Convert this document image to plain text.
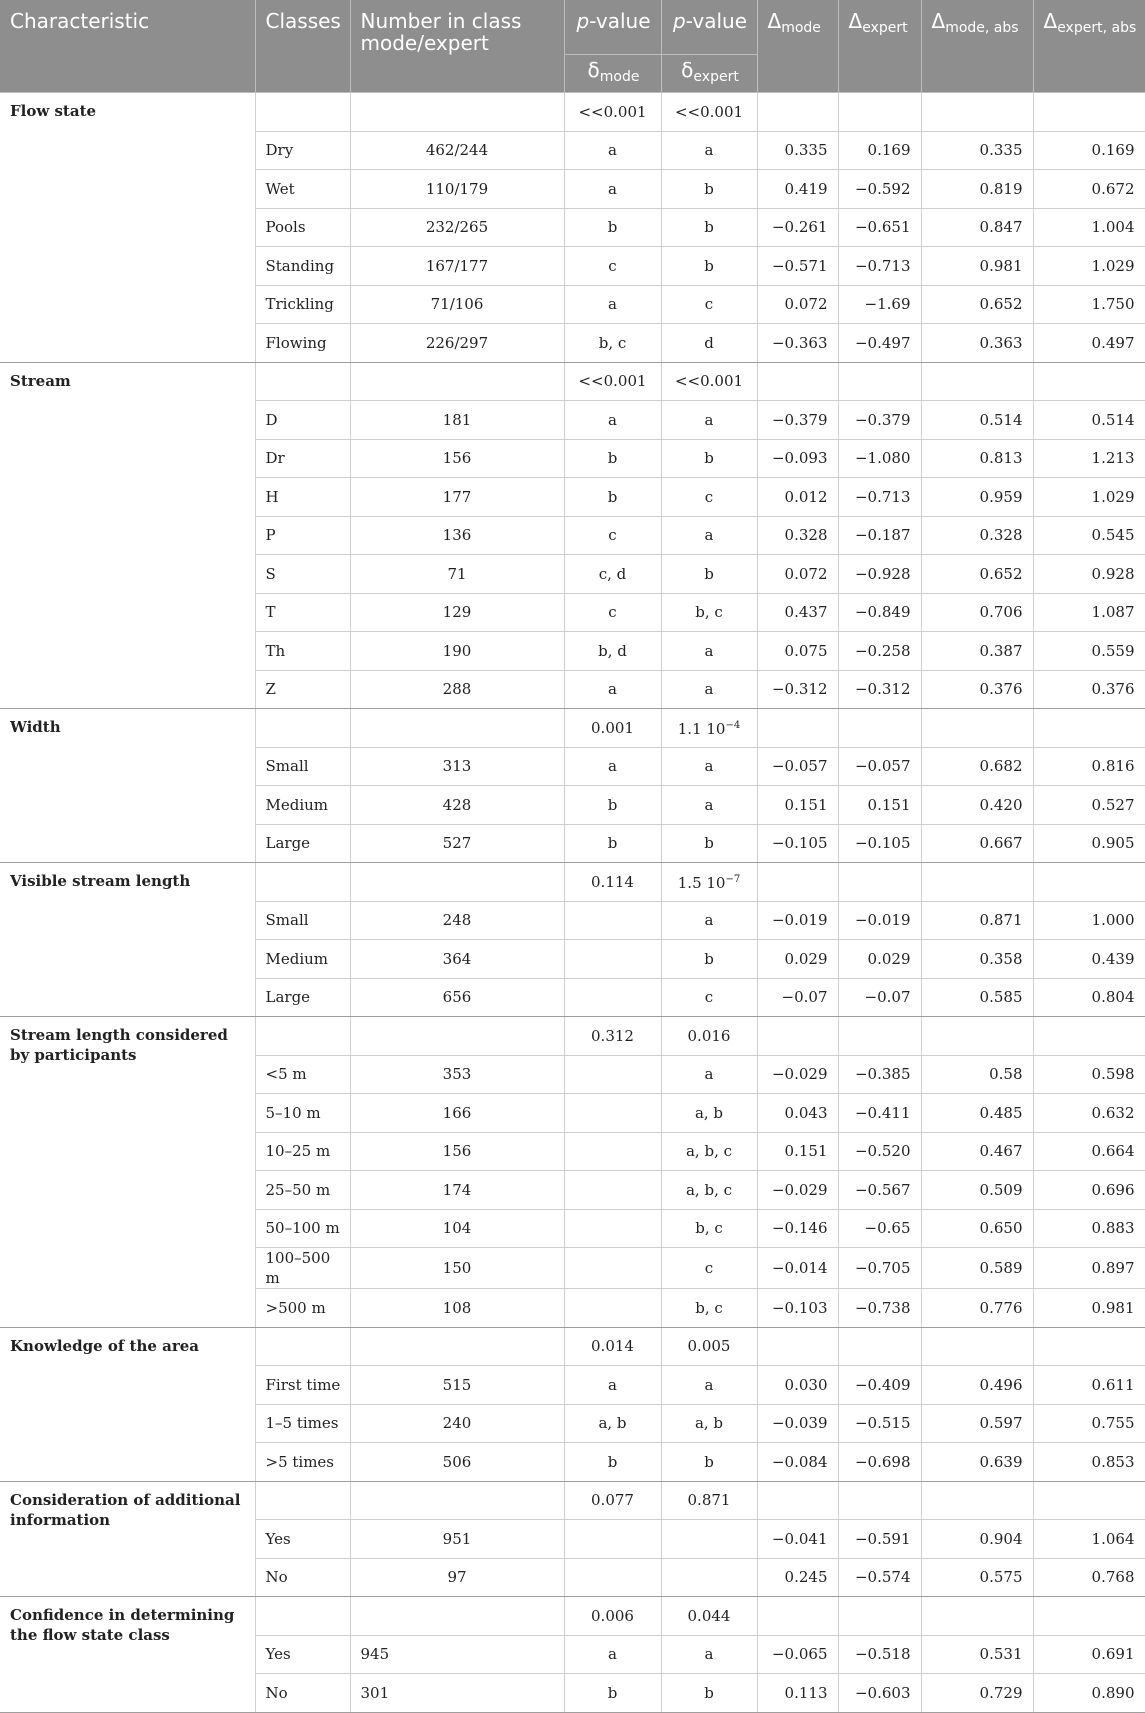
Characteristic	Classes	Number in class mode/expert	p-value	p-value	$\Delta_{mode}$	$\Delta_{expert}$	$\Delta_{mode, abs}$	$\Delta_{expert, abs}$
			$\delta_{mode}$	$\delta_{expert}$
Flow state			<<0.001	<<0.001				
	Dry	462/244	a	a	0.335	0.169	0.335	0.169
	Wet	110/179	a	b	0.419	−0.592	0.819	0.672
	Pools	232/265	b	b	−0.261	−0.651	0.847	1.004
	Standing	167/177	c	b	−0.571	−0.713	0.981	1.029
	Trickling	71/106	a	c	0.072	−1.69	0.652	1.750
	Flowing	226/297	b, c	d	−0.363	−0.497	0.363	0.497
Stream			<<0.001	<<0.001				
	D	181	a	a	−0.379	−0.379	0.514	0.514
	Dr	156	b	b	−0.093	−1.080	0.813	1.213
	H	177	b	c	0.012	−0.713	0.959	1.029
	P	136	c	a	0.328	−0.187	0.328	0.545
	S	71	c, d	b	0.072	−0.928	0.652	0.928
	T	129	c	b, c	0.437	−0.849	0.706	1.087
	Th	190	b, d	a	0.075	−0.258	0.387	0.559
	Z	288	a	a	−0.312	−0.312	0.376	0.376
Width			0.001	1.1 $10^{-4}$				
	Small	313	a	a	−0.057	−0.057	0.682	0.816
	Medium	428	b	a	0.151	0.151	0.420	0.527
	Large	527	b	b	−0.105	−0.105	0.667	0.905
Visible stream length			0.114	1.5 $10^{-7}$				
	Small	248		a	−0.019	−0.019	0.871	1.000
	Medium	364		b	0.029	0.029	0.358	0.439
	Large	656		c	−0.07	−0.07	0.585	0.804
Stream length considered by participants			0.312	0.016				
	<5 m	353		a	−0.029	−0.385	0.58	0.598
	5–10 m	166		a, b	0.043	−0.411	0.485	0.632
	10–25 m	156		a, b, c	0.151	−0.520	0.467	0.664
	25–50 m	174		a, b, c	−0.029	−0.567	0.509	0.696
	50–100 m	104		b, c	−0.146	−0.65	0.650	0.883
	100–500 m	150		c	−0.014	−0.705	0.589	0.897
	>500 m	108		b, c	−0.103	−0.738	0.776	0.981
Knowledge of the area			0.014	0.005				
	First time	515	a	a	0.030	−0.409	0.496	0.611
	1–5 times	240	a, b	a, b	−0.039	−0.515	0.597	0.755
	>5 times	506	b	b	−0.084	−0.698	0.639	0.853
Consideration of additional information			0.077	0.871				
	Yes	951			−0.041	−0.591	0.904	1.064
	No	97			0.245	−0.574	0.575	0.768
Confidence in determining the flow state class			0.006	0.044				
	Yes	945	a	a	−0.065	−0.518	0.531	0.691
	No	301	b	b	0.113	−0.603	0.729	0.890
